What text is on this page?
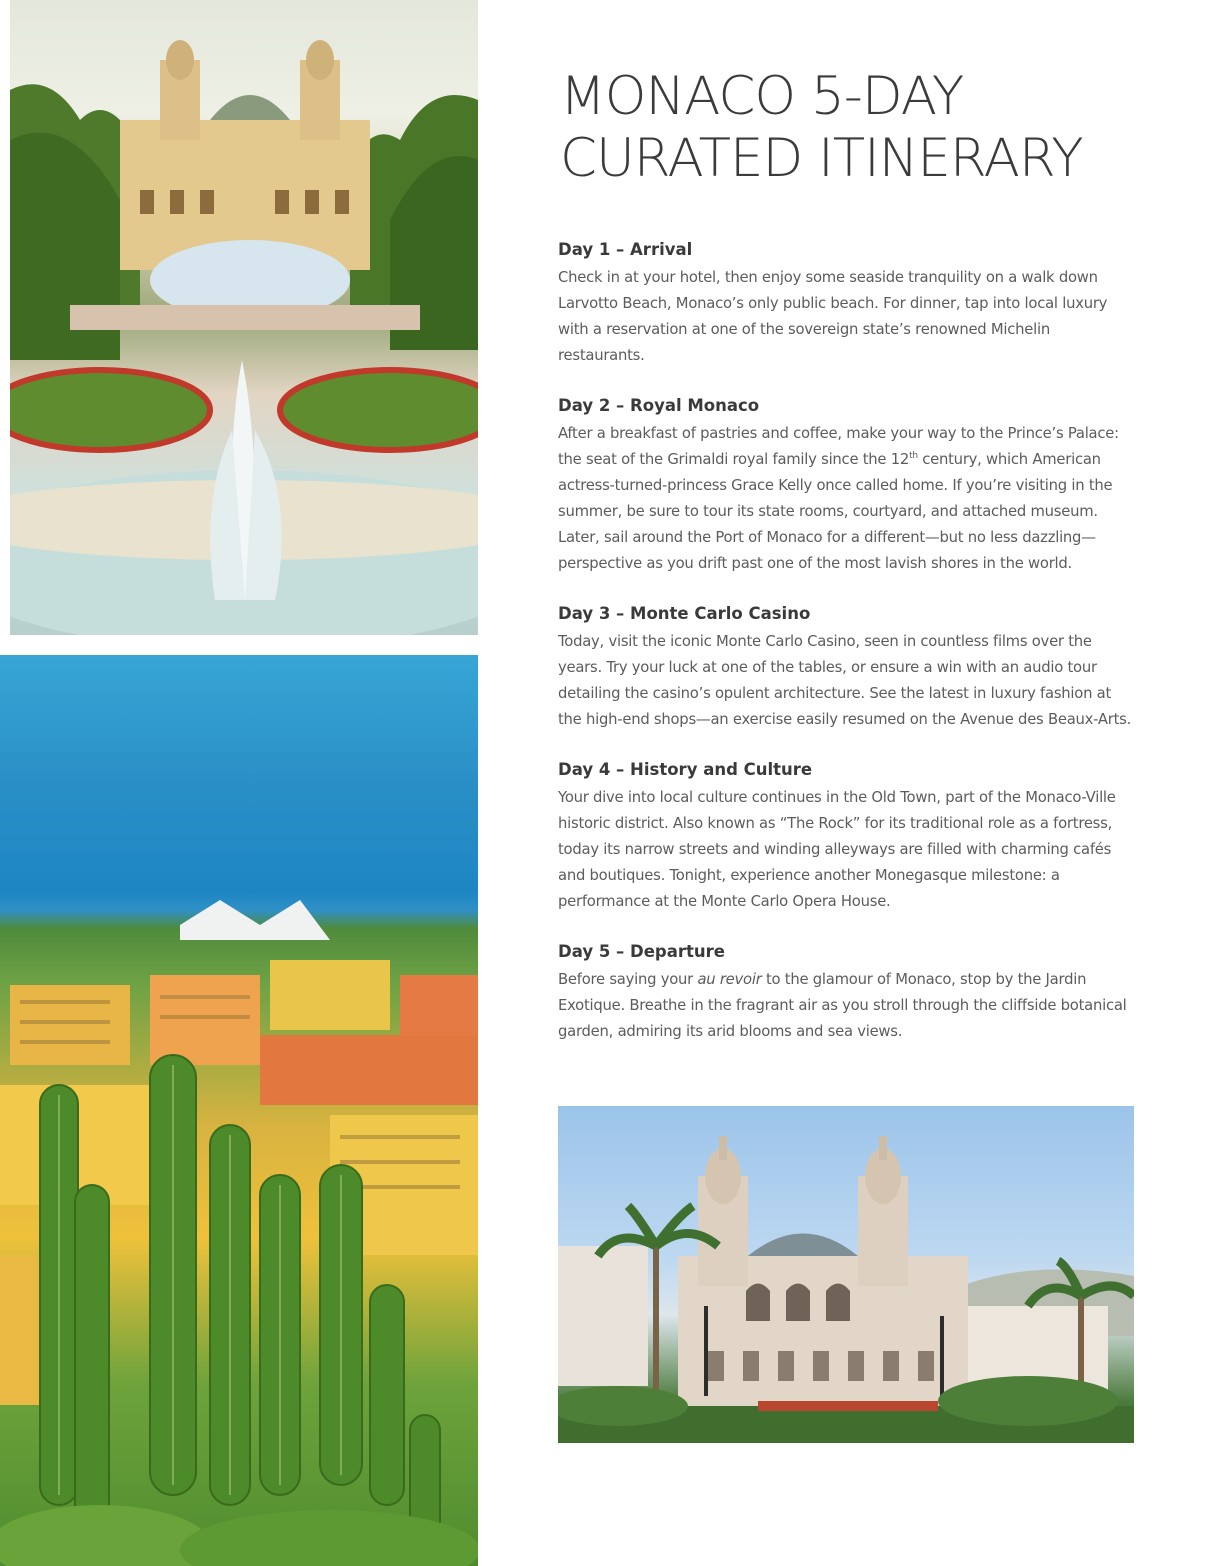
MONACO 5-DAY
CURATED ITINERARY
Day 1 – Arrival

Check in at your hotel, then enjoy some seaside tranquility on a walk down Larvotto Beach, Monaco’s only public beach. For dinner, tap into local luxury with a reservation at one of the sovereign state’s renowned Michelin restaurants.

Day 2 – Royal Monaco

After a breakfast of pastries and coffee, make your way to the Prince’s Palace: the seat of the Grimaldi royal family since the 12th century, which American actress-turned-princess Grace Kelly once called home. If you’re visiting in the summer, be sure to tour its state rooms, courtyard, and attached museum. Later, sail around the Port of Monaco for a different—but no less dazzling—perspective as you drift past one of the most lavish shores in the world.

Day 3 – Monte Carlo Casino

Today, visit the iconic Monte Carlo Casino, seen in countless films over the years. Try your luck at one of the tables, or ensure a win with an audio tour detailing the casino’s opulent architecture. See the latest in luxury fashion at the high-end shops—an exercise easily resumed on the Avenue des Beaux-Arts.

Day 4 – History and Culture

Your dive into local culture continues in the Old Town, part of the Monaco-Ville historic district. Also known as “The Rock” for its traditional role as a fortress, today its narrow streets and winding alleyways are filled with charming cafés and boutiques. Tonight, experience another Monegasque milestone: a performance at the Monte Carlo Opera House.

Day 5 – Departure

Before saying your au revoir to the glamour of Monaco, stop by the Jardin Exotique. Breathe in the fragrant air as you stroll through the cliffside botanical garden, admiring its arid blooms and sea views.
